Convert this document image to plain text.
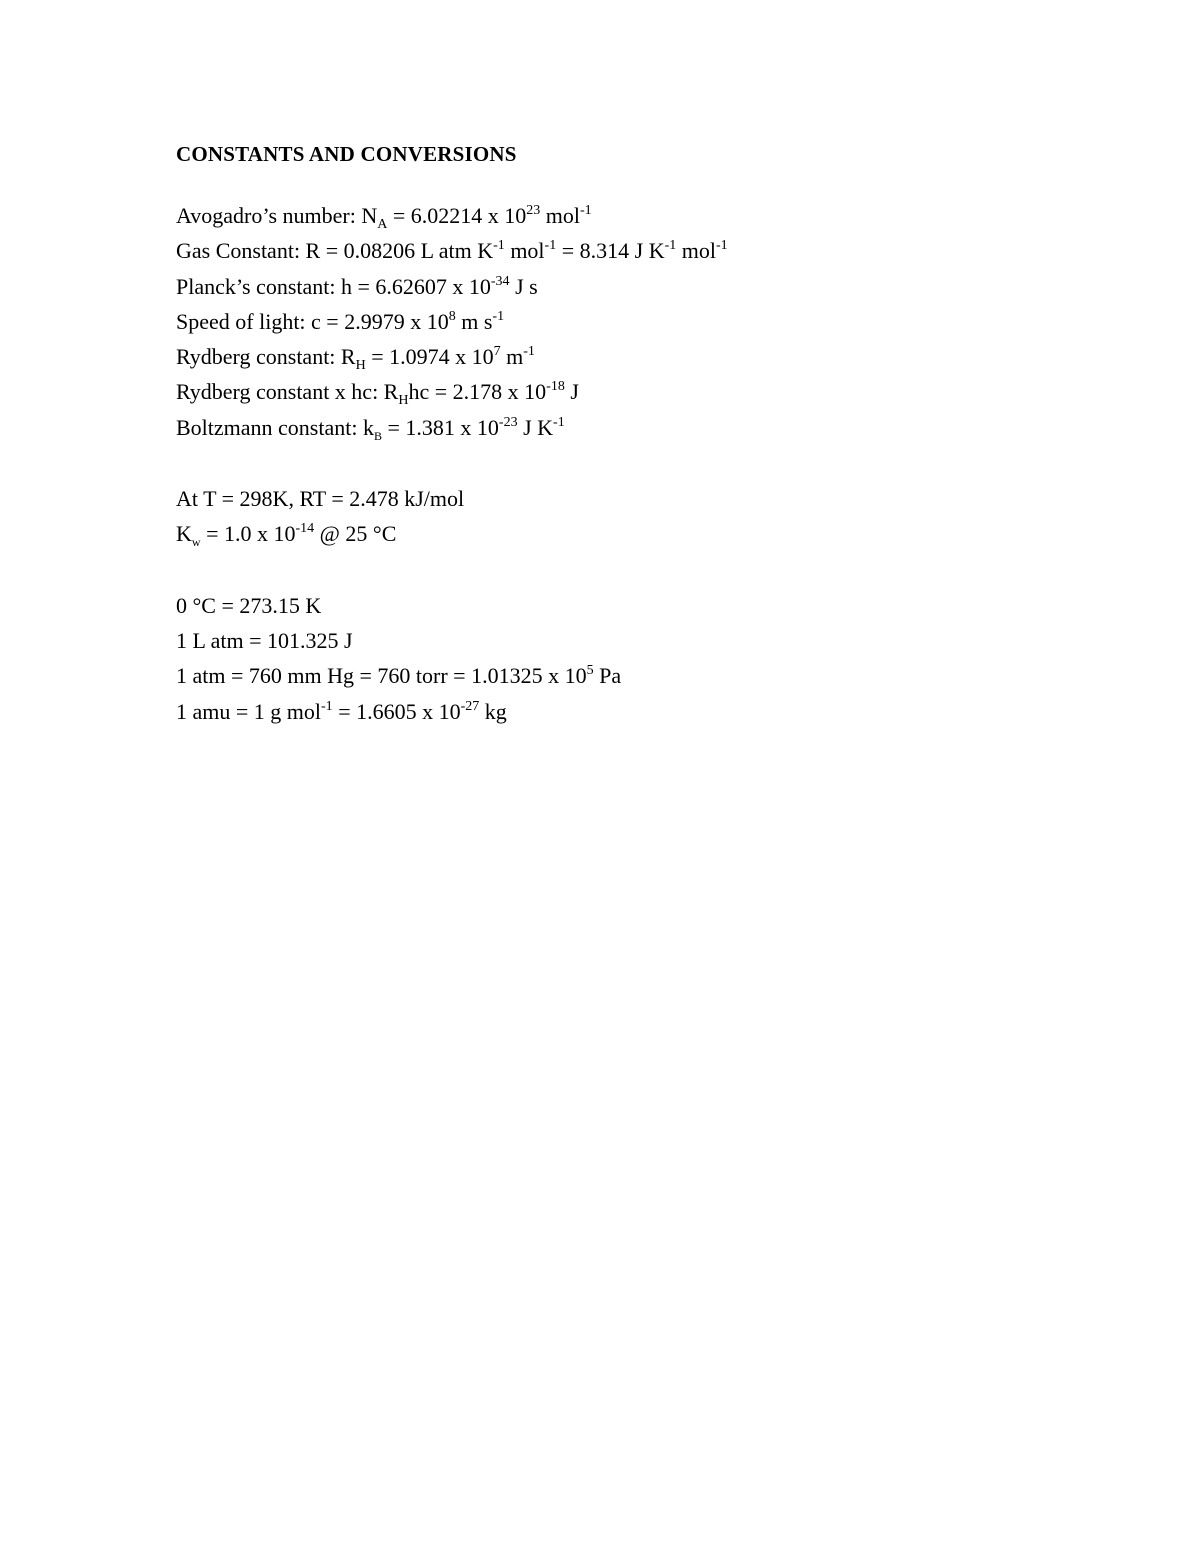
CONSTANTS AND CONVERSIONS
Avogadro’s number: $N_A = 6.02214$ x $10^{23}$ mol$^{-1}$
Gas Constant: R = 0.08206 L atm $K^{-1}$ mol$^{-1}$ = 8.314 J $K^{-1}$ mol$^{-1}$
Planck’s constant: h = 6.62607 x $10^{-34}$ J s
Speed of light: c = 2.9979 x $10^8$ m $s^{-1}$
Rydberg constant: $R_H = 1.0974$ x $10^7$ $m^{-1}$
Rydberg constant x hc: $R_Hhc = 2.178$ x $10^{-18}$ J
Boltzmann constant: $k_B = 1.381$ x $10^{-23}$ J $K^{-1}$
At T = 298K, RT = 2.478 kJ/mol
$K_w = 1.0$ x $10^{-14}$ @ 25 °C
0 °C = 273.15 K
1 L atm = 101.325 J
1 atm = 760 mm Hg = 760 torr = 1.01325 x $10^5$ Pa
1 amu = 1 g mol$^{-1}$ = 1.6605 x $10^{-27}$ kg
